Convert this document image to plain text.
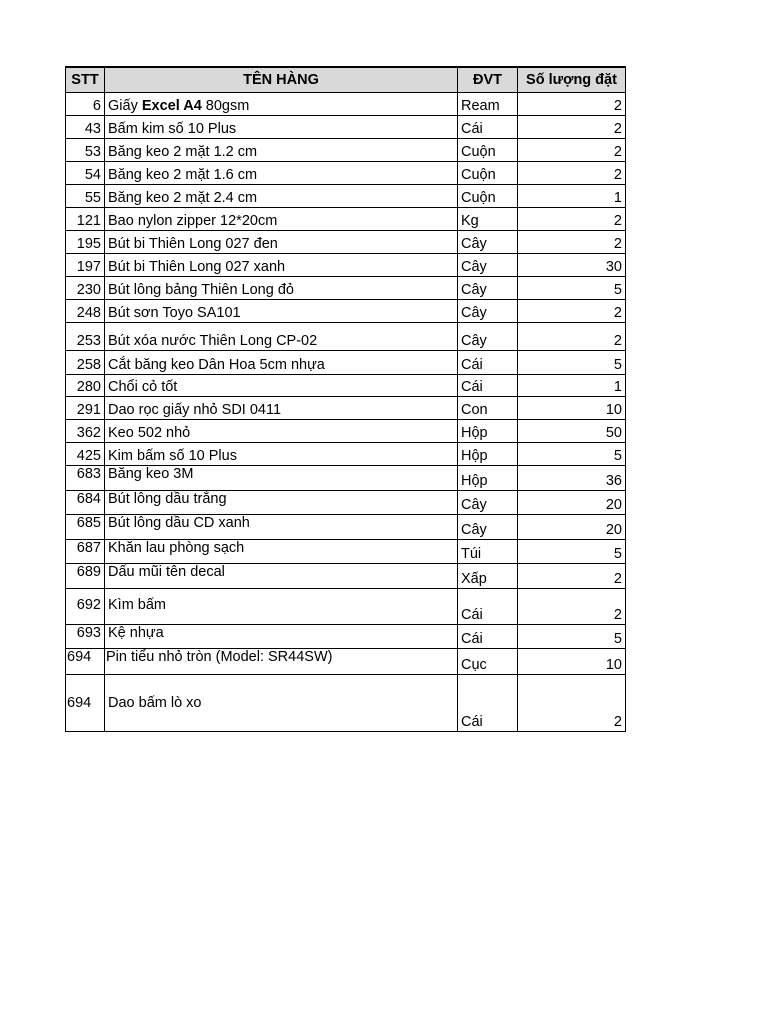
STT	TÊN HÀNG	ĐVT	Số lượng đặt
6	Giấy Excel A4 80gsm	Ream	2
43	Bấm kim số 10 Plus	Cái	2
53	Băng keo 2 mặt 1.2 cm	Cuộn	2
54	Băng keo 2 mặt 1.6 cm	Cuộn	2
55	Băng keo 2 mặt 2.4 cm	Cuộn	1
121	Bao nylon zipper 12*20cm	Kg	2
195	Bút bi Thiên Long 027 đen	Cây	2
197	Bút bi Thiên Long 027 xanh	Cây	30
230	Bút lông bảng Thiên Long đỏ	Cây	5
248	Bút sơn Toyo SA101	Cây	2
253	Bút xóa nước Thiên Long CP-02	Cây	2
258	Cắt băng keo Dân Hoa 5cm nhựa	Cái	5
280	Chổi cỏ tốt	Cái	1
291	Dao rọc giấy nhỏ SDI 0411	Con	10
362	Keo 502 nhỏ	Hộp	50
425	Kim bấm số 10 Plus	Hộp	5
683	Băng keo 3M	Hộp	36
684	Bút lông dầu trắng	Cây	20
685	Bút lông dầu CD xanh	Cây	20
687	Khăn lau phòng sạch	Túi	5
689	Dấu mũi tên decal	Xấp	2
692	Kìm bấm	Cái	2
693	Kệ nhựa	Cái	5
694	Pin tiểu nhỏ tròn (Model: SR44SW)	Cục	10
694	Dao bấm lò xo	Cái	2
